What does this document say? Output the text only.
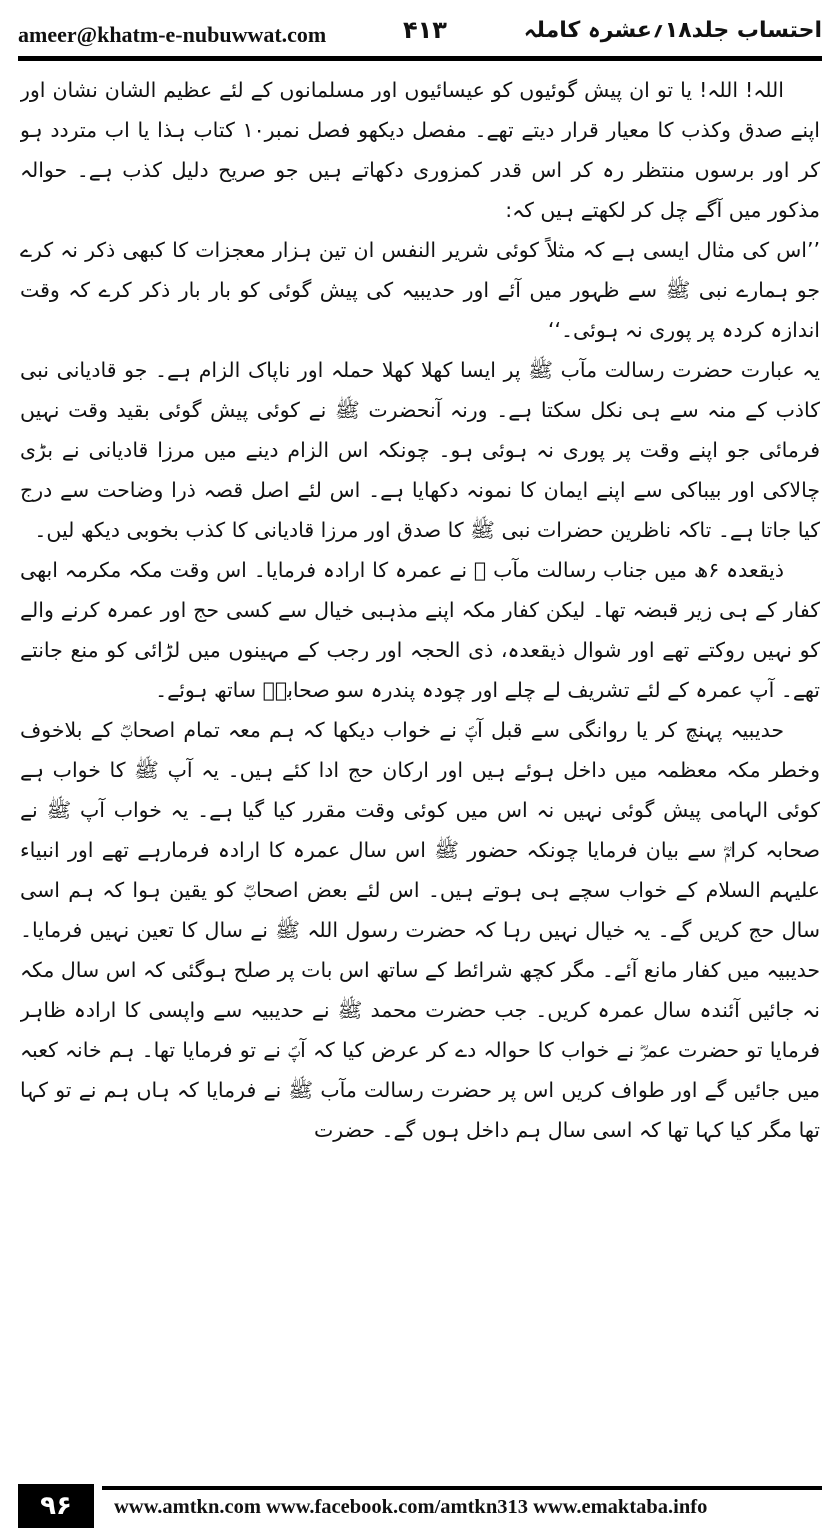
ameer@khatm-e-nubuwwat.com	۴۱۳	احتساب جلد۱۸؍عشرہ کاملہ

اللہ! اللہ! یا تو ان پیش گوئیوں کو عیسائیوں اور مسلمانوں کے لئے عظیم الشان نشان اور اپنے صدق وکذب کا معیار قرار دیتے تھے۔ مفصل دیکھو فصل نمبر۱۰ کتاب ہذا یا اب متردد ہو کر اور برسوں منتظر رہ کر اس قدر کمزوری دکھاتے ہیں جو صریح دلیل کذب ہے۔ حوالہ مذکور میں آگے چل کر لکھتے ہیں کہ:

’’اس کی مثال ایسی ہے کہ مثلاً کوئی شریر النفس ان تین ہزار معجزات کا کبھی ذکر نہ کرے جو ہمارے نبی ﷺ سے ظہور میں آئے اور حدیبیہ کی پیش گوئی کو بار بار ذکر کرے کہ وقت اندازہ کردہ پر پوری نہ ہوئی۔‘‘

یہ عبارت حضرت رسالت مآب ﷺ پر ایسا کھلا کھلا حملہ اور ناپاک الزام ہے۔ جو قادیانی نبی کاذب کے منہ سے ہی نکل سکتا ہے۔ ورنہ آنحضرت ﷺ نے کوئی پیش گوئی بقید وقت نہیں فرمائی جو اپنے وقت پر پوری نہ ہوئی ہو۔ چونکہ اس الزام دینے میں مرزا قادیانی نے بڑی چالاکی اور بیباکی سے اپنے ایمان کا نمونہ دکھایا ہے۔ اس لئے اصل قصہ ذرا وضاحت سے درج کیا جاتا ہے۔ تاکہ ناظرین حضرات نبی ﷺ کا صدق اور مرزا قادیانی کا کذب بخوبی دیکھ لیں۔

ذیقعدہ ۶ھ میں جناب رسالت مآب ﷺ نے عمرہ کا ارادہ فرمایا۔ اس وقت مکہ مکرمہ ابھی کفار کے ہی زیر قبضہ تھا۔ لیکن کفار مکہ اپنے مذہبی خیال سے کسی حج اور عمرہ کرنے والے کو نہیں روکتے تھے اور شوال ذیقعدہ، ذی الحجہ اور رجب کے مہینوں میں لڑائی کو منع جانتے تھے۔ آپ عمرہ کے لئے تشریف لے چلے اور چودہ پندرہ سو صحابہؓ ساتھ ہوئے۔

حدیبیہ پہنچ کر یا روانگی سے قبل آپؐ نے خواب دیکھا کہ ہم معہ تمام اصحابؓ کے بلاخوف وخطر مکہ معظمہ میں داخل ہوئے ہیں اور ارکان حج ادا کئے ہیں۔ یہ آپ ﷺ کا خواب ہے کوئی الہامی پیش گوئی نہیں نہ اس میں کوئی وقت مقرر کیا گیا ہے۔ یہ خواب آپ ﷺ نے صحابہ کرامؓ سے بیان فرمایا چونکہ حضور ﷺ اس سال عمرہ کا ارادہ فرمارہے تھے اور انبیاء علیہم السلام کے خواب سچے ہی ہوتے ہیں۔ اس لئے بعض اصحابؓ کو یقین ہوا کہ ہم اسی سال حج کریں گے۔ یہ خیال نہیں رہا کہ حضرت رسول اللہ ﷺ نے سال کا تعین نہیں فرمایا۔ حدیبیہ میں کفار مانع آئے۔ مگر کچھ شرائط کے ساتھ اس بات پر صلح ہوگئی کہ اس سال مکہ نہ جائیں آئندہ سال عمرہ کریں۔ جب حضرت محمد ﷺ نے حدیبیہ سے واپسی کا ارادہ ظاہر فرمایا تو حضرت عمرؓ نے خواب کا حوالہ دے کر عرض کیا کہ آپؐ نے تو فرمایا تھا۔ ہم خانہ کعبہ میں جائیں گے اور طواف کریں اس پر حضرت رسالت مآب ﷺ نے فرمایا کہ ہاں ہم نے تو کہا تھا مگر کیا کہا تھا کہ اسی سال ہم داخل ہوں گے۔ حضرت

۹۶	www.amtkn.com www.facebook.com/amtkn313 www.emaktaba.info
